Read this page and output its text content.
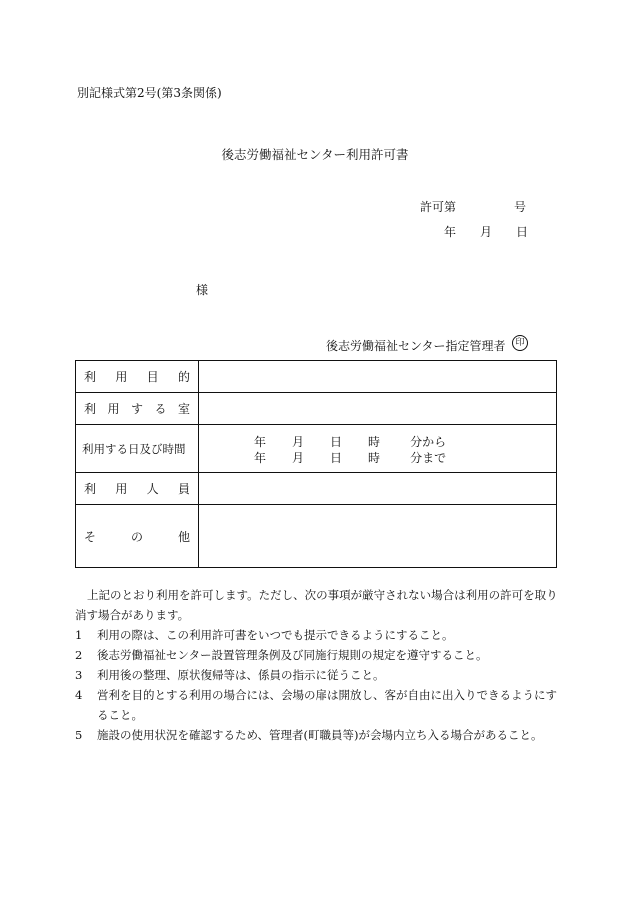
別記様式第2号(第3条関係)
後志労働福祉センター利用許可書
許可第	号
年 月 日
様
後志労働福祉センター指定管理者	印
利 用 目 的	

利 用 す る 室	

利用する日及び時間	年 月 日 時 分から
年 月 日 時 分まで

利 用 人 員	

そ の 他	

上記のとおり利用を許可します。ただし、次の事項が厳守されない場合は利用の許可を取り消す場合があります。
1 利用の際は、この利用許可書をいつでも提示できるようにすること。
2 後志労働福祉センター設置管理条例及び同施行規則の規定を遵守すること。
3 利用後の整理、原状復帰等は、係員の指示に従うこと。
4 営利を目的とする利用の場合には、会場の扉は開放し、客が自由に出入りできるようにすること。
5 施設の使用状況を確認するため、管理者(町職員等)が会場内立ち入る場合があること。
